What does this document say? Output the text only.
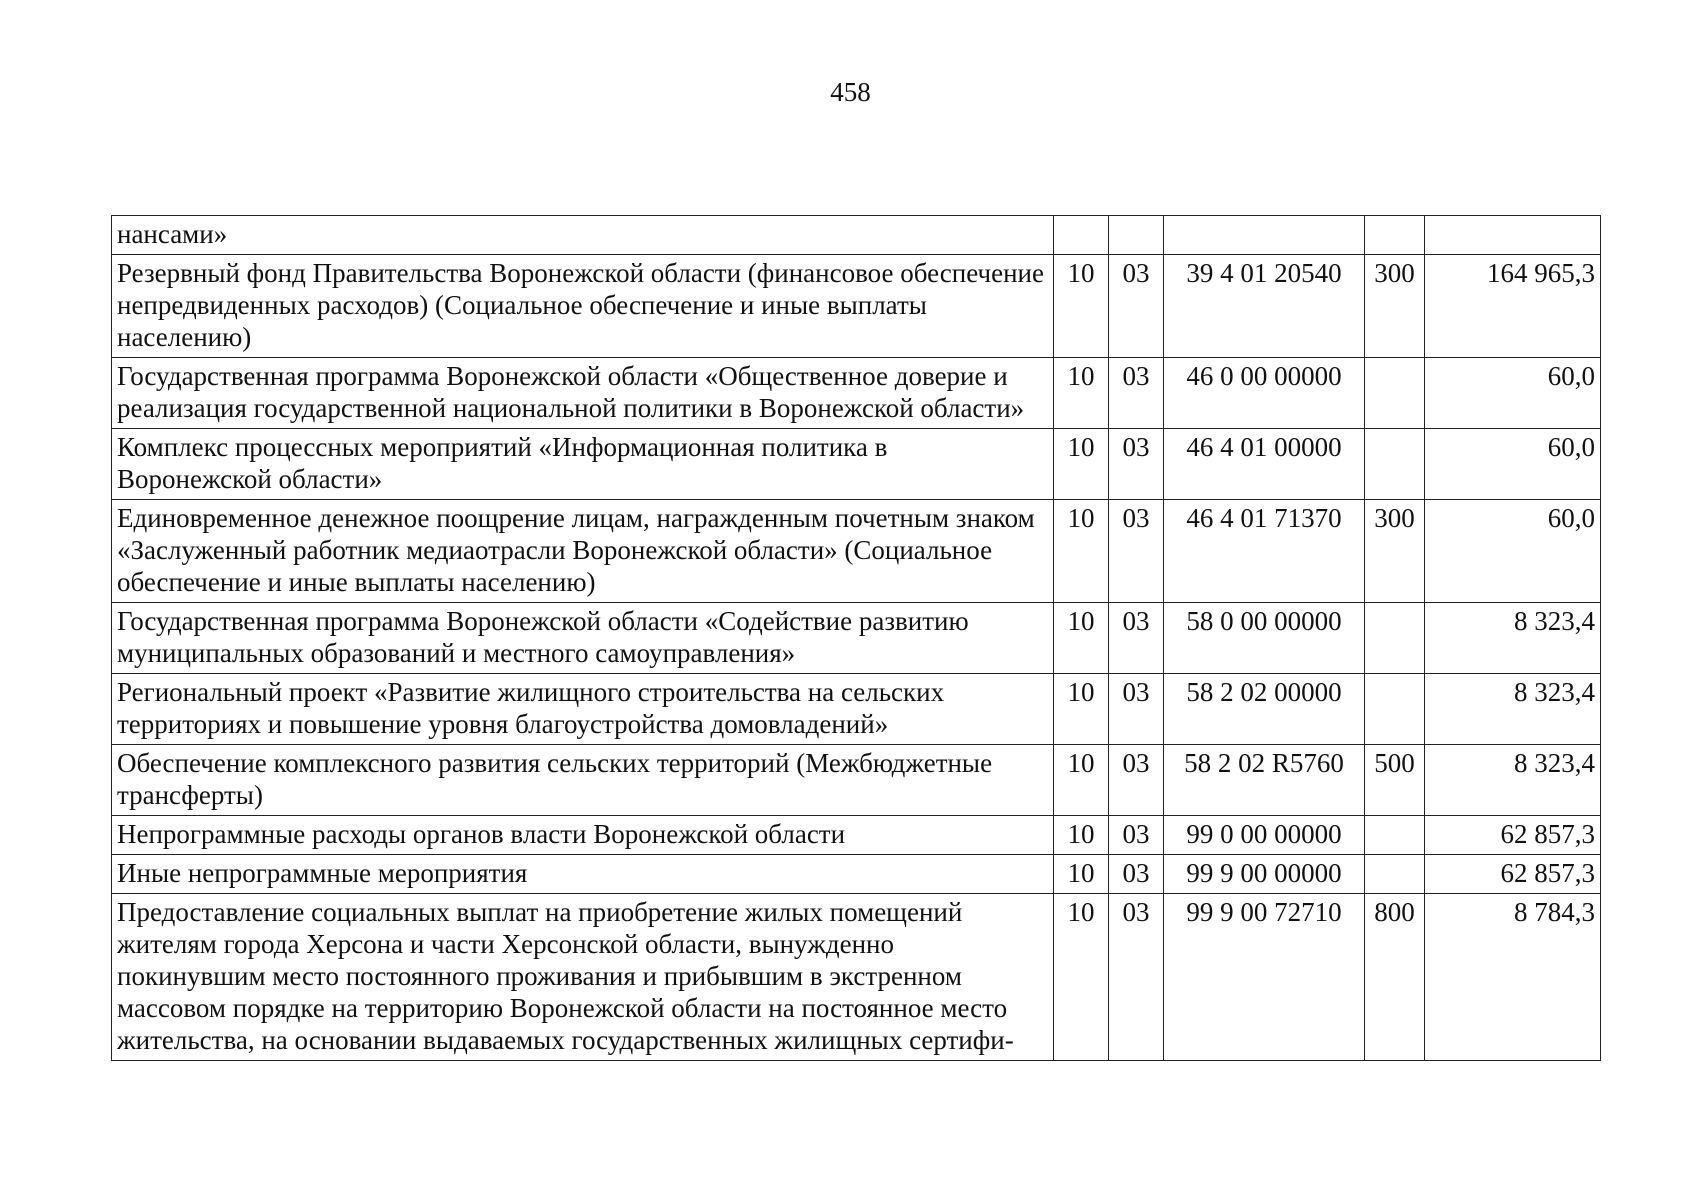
458
нансами»					
Резервный фонд Правительства Воронежской области (финансовое обеспечение непредвиденных расходов) (Социальное обеспечение и иные выплаты населению)	10	03	39 4 01 20540	300	164 965,3
Государственная программа Воронежской области «Общественное доверие и реализация государственной национальной политики в Воронежской области»	10	03	46 0 00 00000		60,0
Комплекс процессных мероприятий «Информационная политика в Воронежской области»	10	03	46 4 01 00000		60,0
Единовременное денежное поощрение лицам, награжденным почетным знаком «Заслуженный работник медиаотрасли Воронежской области» (Социальное обеспечение и иные выплаты населению)	10	03	46 4 01 71370	300	60,0
Государственная программа Воронежской области «Содействие развитию муниципальных образований и местного самоуправления»	10	03	58 0 00 00000		8 323,4
Региональный проект «Развитие жилищного строительства на сельских территориях и повышение уровня благоустройства домовладений»	10	03	58 2 02 00000		8 323,4
Обеспечение комплексного развития сельских территорий (Межбюджетные трансферты)	10	03	58 2 02 R5760	500	8 323,4
Непрограммные расходы органов власти Воронежской области	10	03	99 0 00 00000		62 857,3
Иные непрограммные мероприятия	10	03	99 9 00 00000		62 857,3
Предоставление социальных выплат на приобретение жилых помещений жителям города Херсона и части Херсонской области, вынужденно покинувшим место постоянного проживания и прибывшим в экстренном массовом порядке на территорию Воронежской области на постоянное место жительства, на основании выдаваемых государственных жилищных сертифи-	10	03	99 9 00 72710	800	8 784,3
